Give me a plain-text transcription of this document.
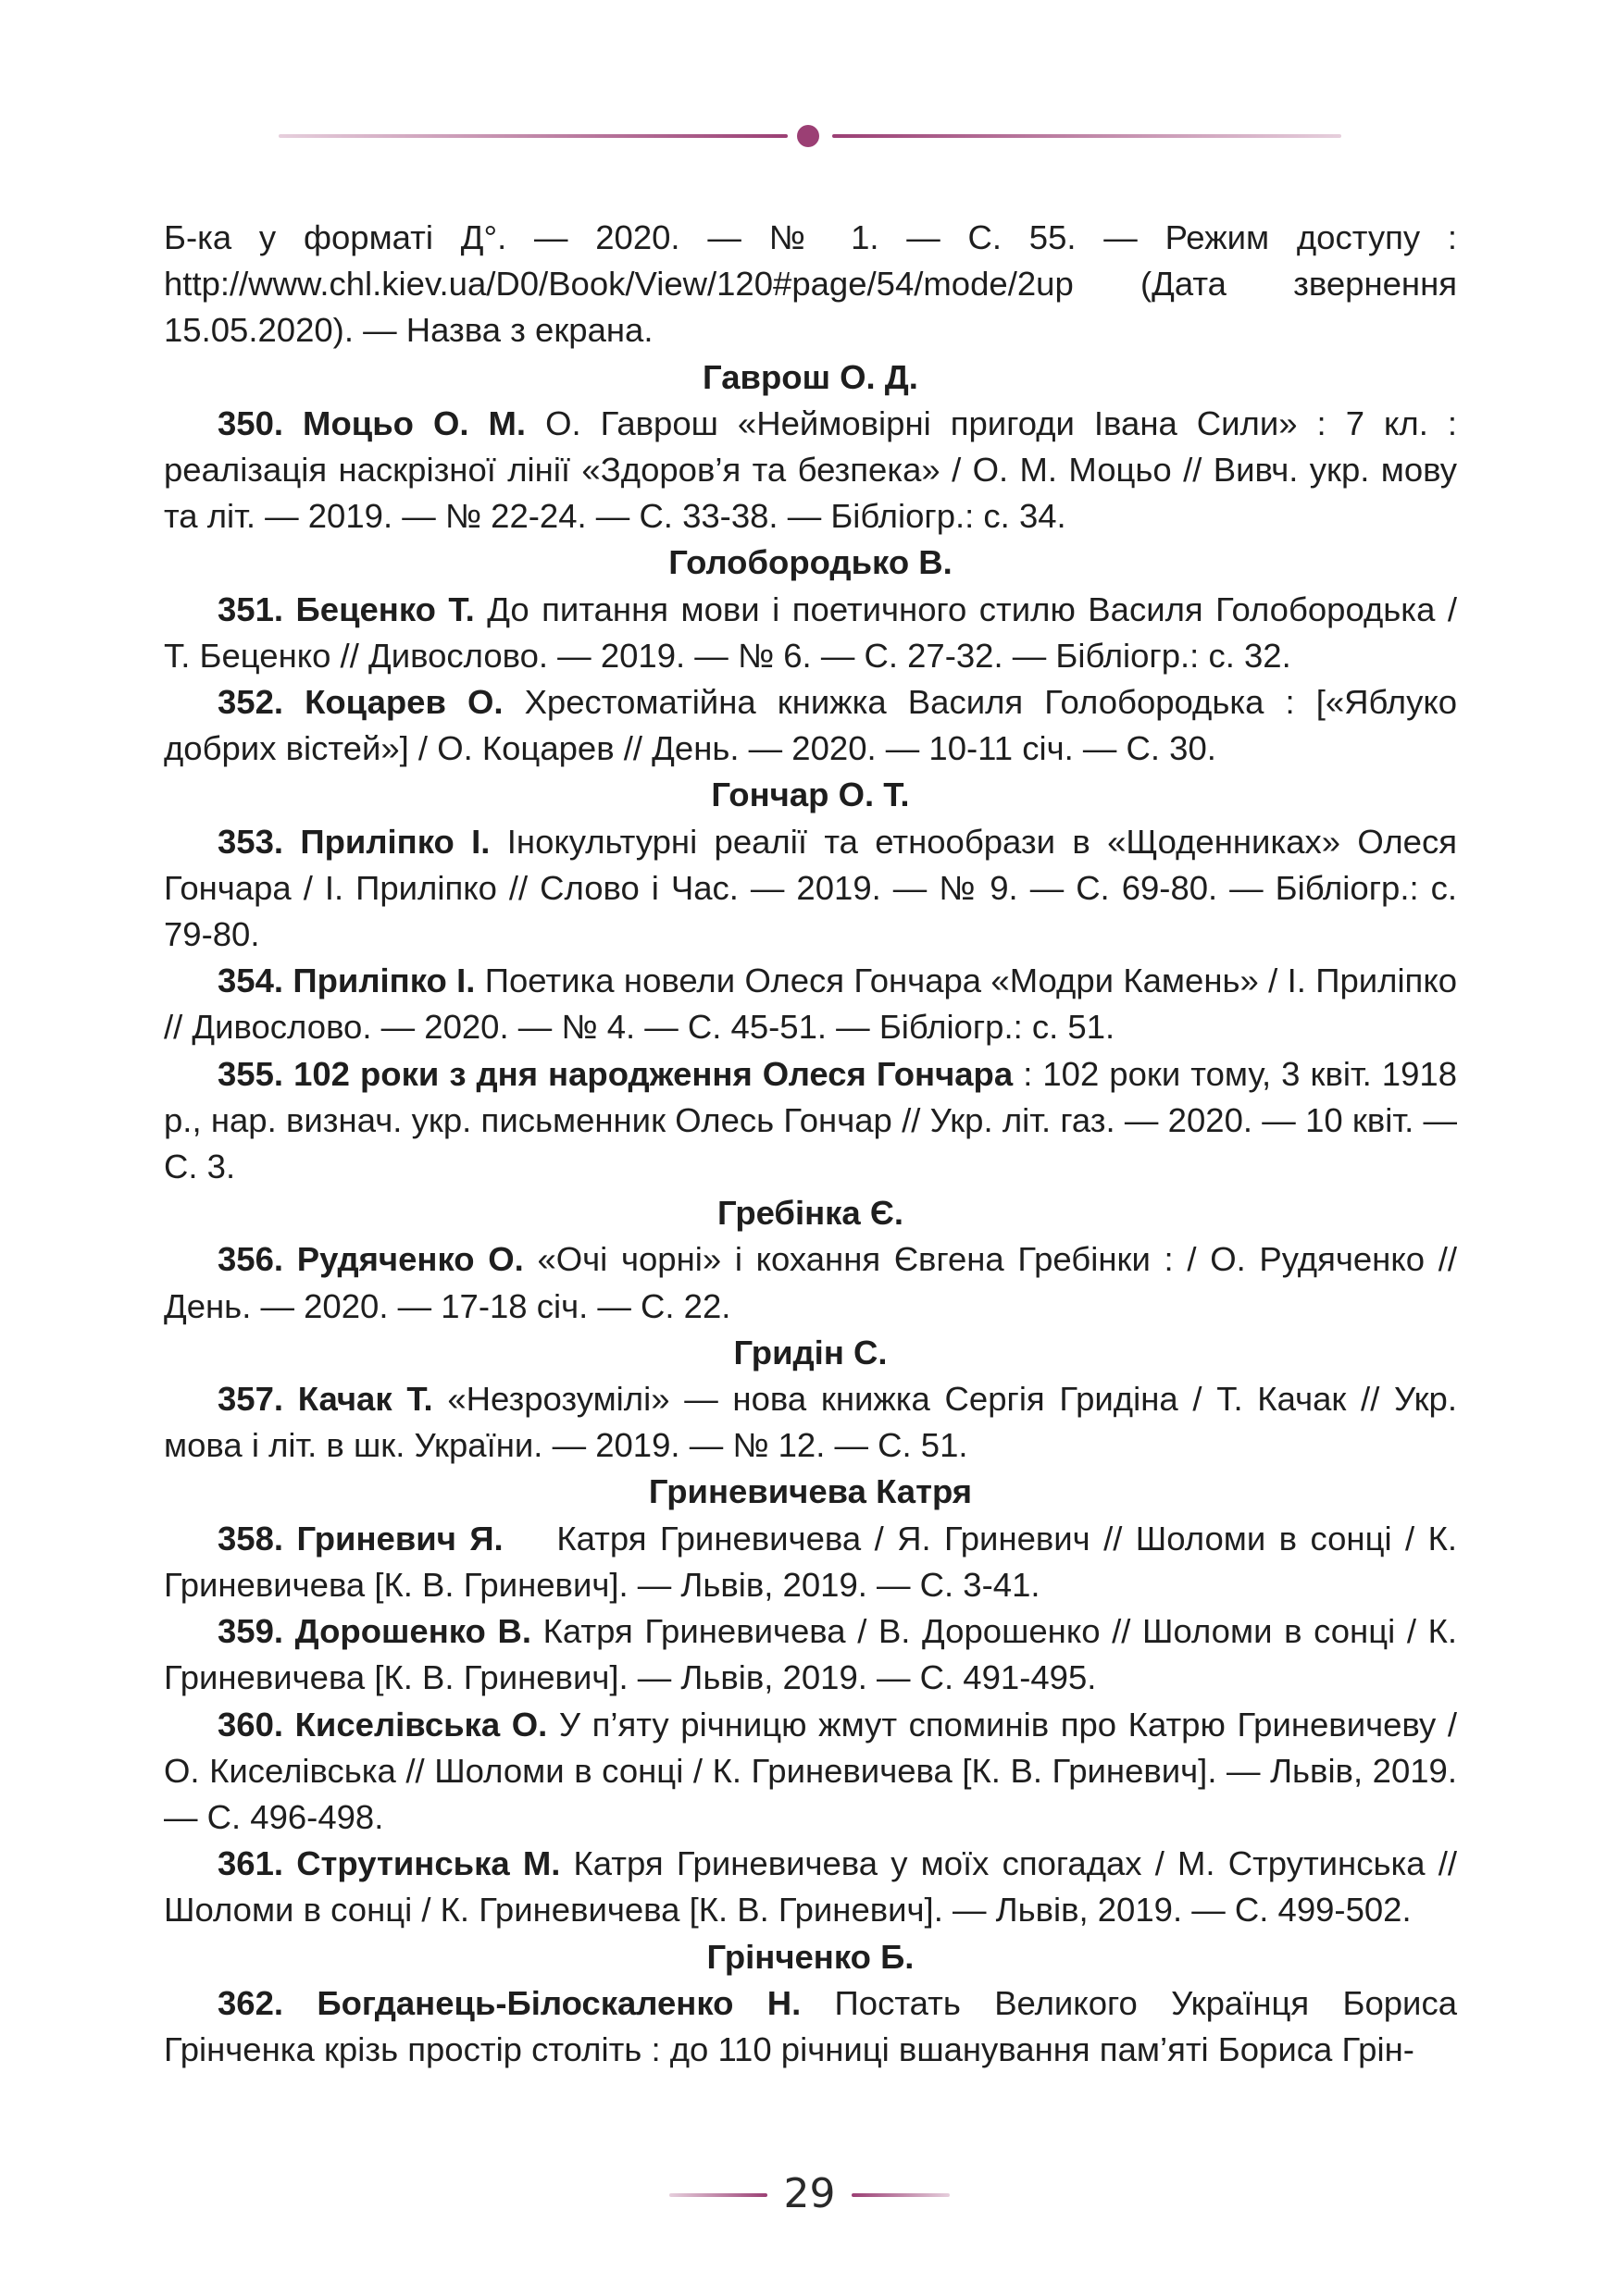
Б-ка у форматі Д°. — 2020. — № 1. — С. 55. — Режим доступу : http://www.chl.kiev.ua/D0/Book/View/120#page/54/mode/2up (Дата звернення 15.05.2020). — Назва з екрана.

Гаврош О. Д.

350. Моцьо О. М. О. Гаврош «Неймовірні пригоди Івана Сили» : 7 кл. : реалізація наскрізної лінії «Здоров’я та безпека» / О. М. Моцьо // Вивч. укр. мову та літ. — 2019. — № 22-24. — С. 33-38. — Бібліогр.: с. 34.

Голобородько В.

351. Беценко Т. До питання мови і поетичного стилю Василя Голобородька / Т. Беценко // Дивослово. — 2019. — № 6. — С. 27-32. — Бібліогр.: с. 32.

352. Коцарев О. Хрестоматійна книжка Василя Голобородька : [«Яблуко добрих вістей»] / О. Коцарев // День. — 2020. — 10-11 січ. — С. 30.

Гончар О. Т.

353. Приліпко І. Інокультурні реалії та етнообрази в «Щоденниках» Олеся Гончара / І. Приліпко // Слово і Час. — 2019. — № 9. — С. 69-80. — Бібліогр.: с. 79-80.

354. Приліпко І. Поетика новели Олеся Гончара «Модри Камень» / І. Приліпко // Дивослово. — 2020. — № 4. — С. 45-51. — Бібліогр.: с. 51.

355. 102 роки з дня народження Олеся Гончара : 102 роки тому, 3 квіт. 1918 р., нар. визнач. укр. письменник Олесь Гончар // Укр. літ. газ. — 2020. — 10 квіт. — С. 3.

Гребінка Є.

356. Рудяченко О. «Очі чорні» і кохання Євгена Гребінки : / О. Рудяченко // День. — 2020. — 17-18 січ. — С. 22.

Гридін С.

357. Качак Т. «Незрозумілі» — нова книжка Сергія Гридіна / Т. Качак // Укр. мова і літ. в шк. України. — 2019. — № 12. — С. 51.

Гриневичева Катря

358. Гриневич Я.    Катря Гриневичева / Я. Гриневич // Шоломи в сонці / К. Гриневичева [К. В. Гриневич]. — Львів, 2019. — С. 3-41.

359. Дорошенко В. Катря Гриневичева / В. Дорошенко // Шоломи в сонці / К. Гриневичева [К. В. Гриневич]. — Львів, 2019. — С. 491-495.

360. Киселівська О. У п’яту річницю жмут споминів про Катрю Гриневичеву / О. Киселівська // Шоломи в сонці / К. Гриневичева [К. В. Гриневич]. — Львів, 2019. — С. 496-498.

361. Струтинська М. Катря Гриневичева у моїх спогадах / М. Струтинська // Шоломи в сонці / К. Гриневичева [К. В. Гриневич]. — Львів, 2019. — С. 499-502.

Грінченко Б.

362. Богданець-Білоскаленко Н. Постать Великого Українця Бориса Грінченка крізь простір століть : до 110 річниці вшанування пам’яті Бориса Грін-

29
